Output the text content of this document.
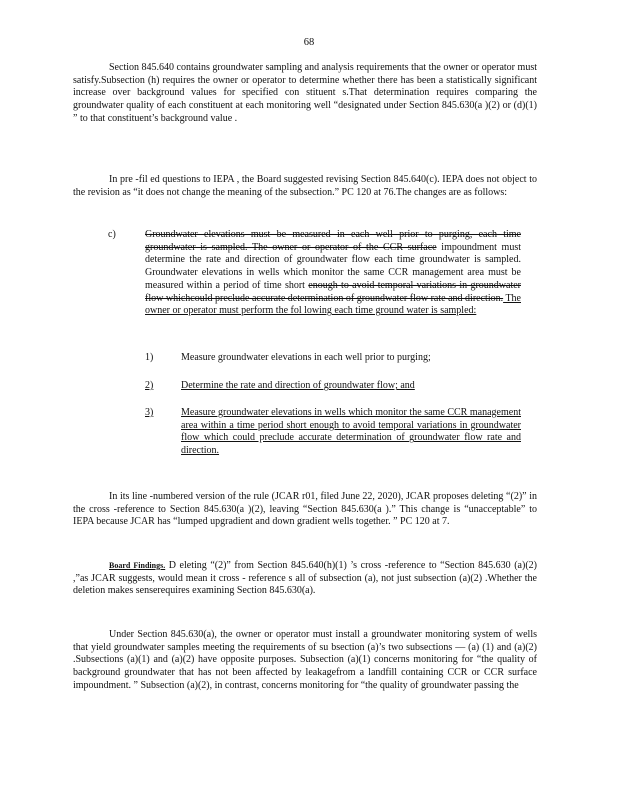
68

Section 845.640 contains groundwater sampling and analysis requirements that the owner or operator must satisfy.Subsection (h) requires the owner or operator to determine whether there has been a statistically significant increase over background values for specified con stituent s.That determination requires comparing the groundwater quality of each constituent at each monitoring well “designated under Section 845.630(a )(2) or (d)(1) ” to that constituent’s background value .

In pre -fil ed questions to IEPA , the Board suggested revising Section 845.640(c). IEPA does not object to the revision as “it does not change the meaning of the subsection.” PC 120 at 76.The changes are as follows:

c)	Groundwater elevations must be measured in each well prior to purging, each time groundwater is sampled. The owner or operator of the CCR surface impoundment must determine the rate and direction of groundwater flow each time groundwater is sampled. Groundwater elevations in wells which monitor the same CCR management area must be measured within a period of time short enough to avoid temporal variations in groundwater flow whichcould preclude accurate determination of groundwater flow rate and direction. The owner or operator must perform the fol lowing each time ground water is sampled:

1)	Measure groundwater elevations in each well prior to purging;
2)	Determine the rate and direction of groundwater flow; and
3)	Measure groundwater elevations in wells which monitor the same CCR management area within a time period short enough to avoid temporal variations in groundwater flow which could preclude accurate determination of groundwater flow rate and direction.

In its line -numbered version of the rule (JCAR r01, filed June 22, 2020), JCAR proposes deleting “(2)” in the cross -reference to Section 845.630(a )(2), leaving “Section 845.630(a ).” This change is “unacceptable” to IEPA because JCAR has “lumped upgradient and down gradient wells together. ” PC 120 at 7.

Board Findings. D eleting “(2)” from Section 845.640(h)(1) ’s cross -reference to “Section 845.630 (a)(2) ,”as JCAR suggests, would mean it cross - reference s all of subsection (a), not just subsection (a)(2) .Whether the deletion makes senserequires examining Section 845.630(a).

Under Section 845.630(a), the owner or operator must install a groundwater monitoring system of wells that yield groundwater samples meeting the requirements of su bsection (a)’s two subsections — (a) (1) and (a)(2) .Subsections (a)(1) and (a)(2) have opposite purposes. Subsection (a)(1) concerns monitoring for “the quality of background groundwater that has not been affected by leakagefrom a landfill containing CCR or CCR surface impoundment. ” Subsection (a)(2), in contrast, concerns monitoring for “the quality of groundwater passing the
